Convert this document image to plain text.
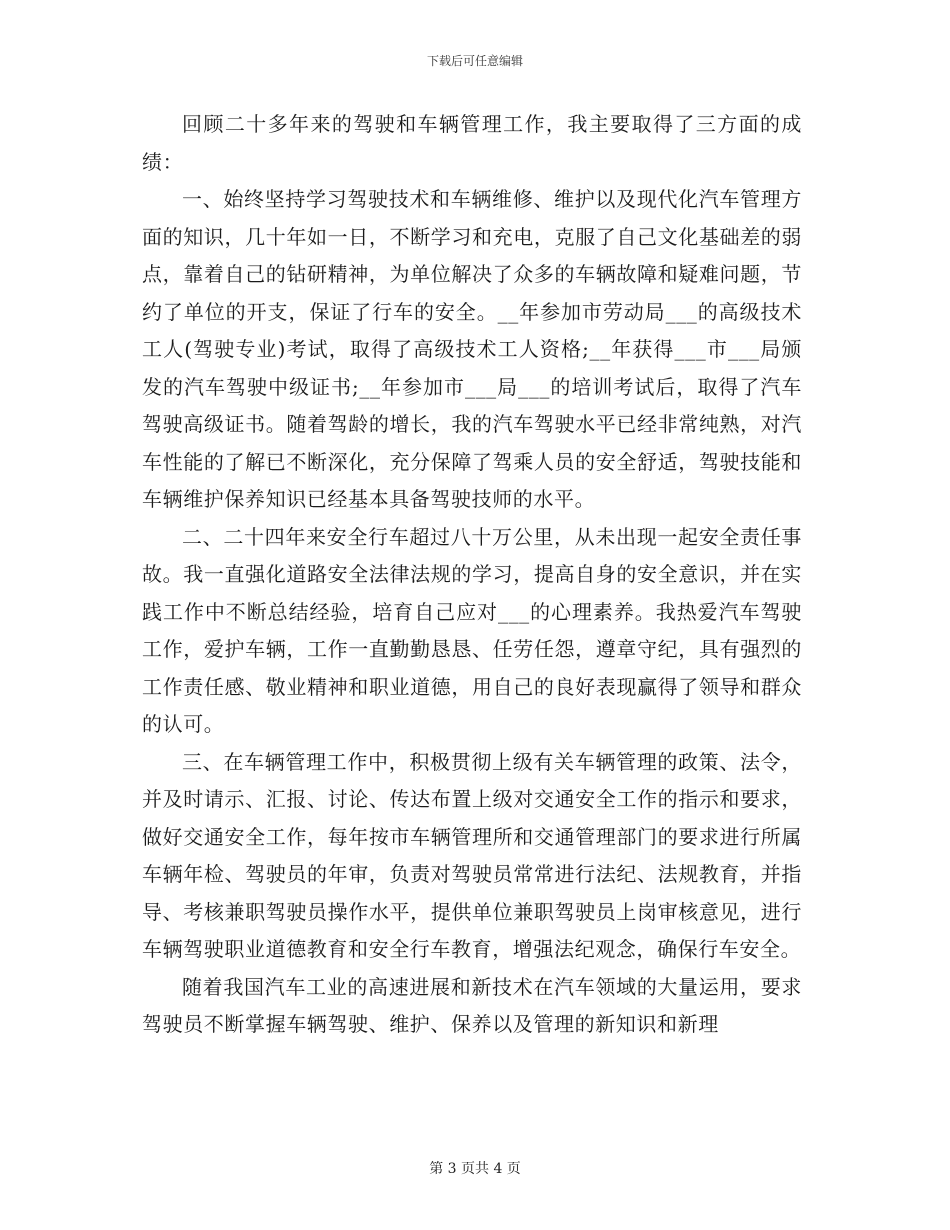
下载后可任意编辑

回顾二十多年来的驾驶和车辆管理工作，我主要取得了三方面的成绩：

一、始终坚持学习驾驶技术和车辆维修、维护以及现代化汽车管理方面的知识，几十年如一日，不断学习和充电，克服了自己文化基础差的弱点，靠着自己的钻研精神，为单位解决了众多的车辆故障和疑难问题，节约了单位的开支，保证了行车的安全。__年参加市劳动局___的高级技术工人(驾驶专业)考试，取得了高级技术工人资格;__年获得___市___局颁发的汽车驾驶中级证书;__年参加市___局___的培训考试后，取得了汽车驾驶高级证书。随着驾龄的增长，我的汽车驾驶水平已经非常纯熟，对汽车性能的了解已不断深化，充分保障了驾乘人员的安全舒适，驾驶技能和车辆维护保养知识已经基本具备驾驶技师的水平。

二、二十四年来安全行车超过八十万公里，从未出现一起安全责任事故。我一直强化道路安全法律法规的学习，提高自身的安全意识，并在实践工作中不断总结经验，培育自己应对___的心理素养。我热爱汽车驾驶工作，爱护车辆，工作一直勤勤恳恳、任劳任怨，遵章守纪，具有强烈的工作责任感、敬业精神和职业道德，用自己的良好表现赢得了领导和群众的认可。

三、在车辆管理工作中，积极贯彻上级有关车辆管理的政策、法令，并及时请示、汇报、讨论、传达布置上级对交通安全工作的指示和要求，做好交通安全工作，每年按市车辆管理所和交通管理部门的要求进行所属车辆年检、驾驶员的年审，负责对驾驶员常常进行法纪、法规教育，并指导、考核兼职驾驶员操作水平，提供单位兼职驾驶员上岗审核意见，进行车辆驾驶职业道德教育和安全行车教育，增强法纪观念，确保行车安全。

随着我国汽车工业的高速进展和新技术在汽车领域的大量运用，要求驾驶员不断掌握车辆驾驶、维护、保养以及管理的新知识和新理

第 3 页共 4 页
